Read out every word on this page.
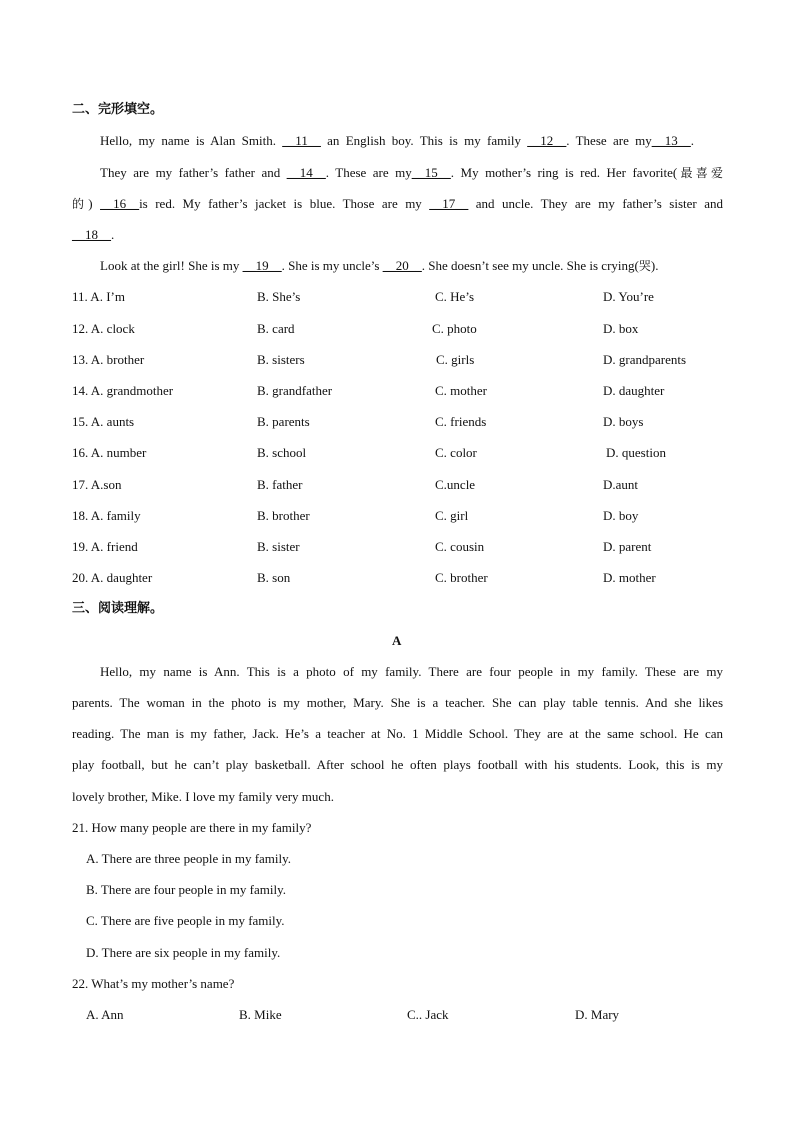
二、完形填空。
Hello, my name is Alan Smith. __11__ an English boy. This is my family __12__. These are my__13__.
They are my father’s father and __14__. These are my__15__. My mother’s ring is red. Her favorite(最喜爱
的) __16__is red. My father’s jacket is blue. Those are my __17__ and uncle. They are my father’s sister and
__18__.
Look at the girl! She is my __19__. She is my uncle’s __20__. She doesn’t see my uncle. She is crying(哭).
11. A. I’m	B. She’s	C. He’s	D. You’re
12. A. clock	B. card	C. photo	D. box
13. A. brother	B. sisters	C. girls	D. grandparents
14. A. grandmother	B. grandfather	C. mother	D. daughter
15. A. aunts	B. parents	C. friends	D. boys
16. A. number	B. school	C. color	D. question
17. A.son	B. father	C.uncle	D.aunt
18. A. family	B. brother	C. girl	D. boy
19. A. friend	B. sister	C. cousin	D. parent
20. A. daughter	B. son	C. brother	D. mother
三、阅读理解。
A
Hello, my name is Ann. This is a photo of my family. There are four people in my family. These are my
parents. The woman in the photo is my mother, Mary. She is a teacher. She can play table tennis. And she likes
reading. The man is my father, Jack. He’s a teacher at No. 1 Middle School. They are at the same school. He can
play football, but he can’t play basketball. After school he often plays football with his students. Look, this is my
lovely brother, Mike. I love my family very much.
21. How many people are there in my family?
A. There are three people in my family.
B. There are four people in my family.
C. There are five people in my family.
D. There are six people in my family.
22. What’s my mother’s name?
A. Ann	B. Mike	C.. Jack	D. Mary
